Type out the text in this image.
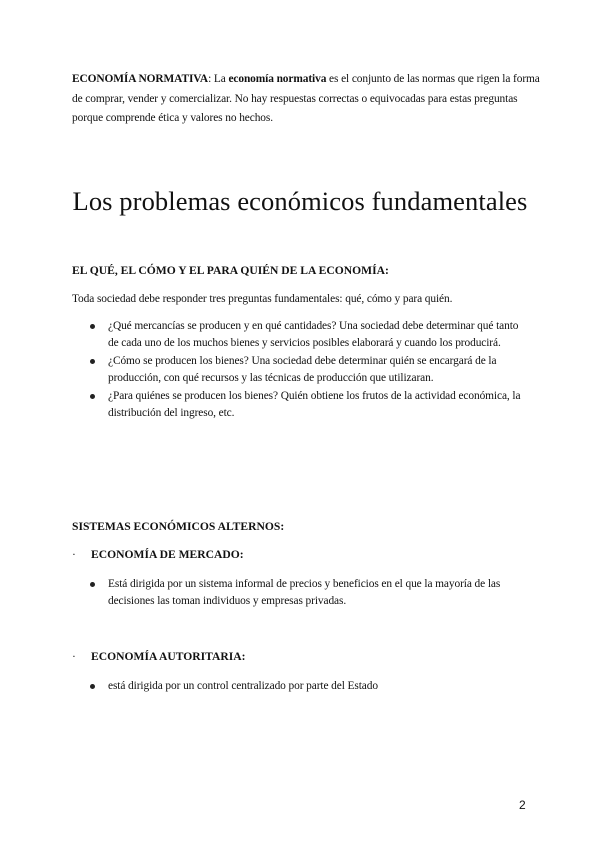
ECONOMÍA NORMATIVA: La economía normativa es el conjunto de las normas que rigen la forma de comprar, vender y comercializar. No hay respuestas correctas o equivocadas para estas preguntas porque comprende ética y valores no hechos.
Los problemas económicos fundamentales
EL QUÉ, EL CÓMO Y EL PARA QUIÉN DE LA ECONOMÍA:

Toda sociedad debe responder tres preguntas fundamentales: qué, cómo y para quién.

¿Qué mercancías se producen y en qué cantidades? Una sociedad debe determinar qué tanto de cada uno de los muchos bienes y servicios posibles elaborará y cuando los producirá.
¿Cómo se producen los bienes? Una sociedad debe determinar quién se encargará de la producción, con qué recursos y las técnicas de producción que utilizaran.
¿Para quiénes se producen los bienes? Quién obtiene los frutos de la actividad económica, la distribución del ingreso, etc.
SISTEMAS ECONÓMICOS ALTERNOS:
· ECONOMÍA DE MERCADO:
Está dirigida por un sistema informal de precios y beneficios en el que la mayoría de las decisiones las toman individuos y empresas privadas.
· ECONOMÍA AUTORITARIA:
está dirigida por un control centralizado por parte del Estado
2
